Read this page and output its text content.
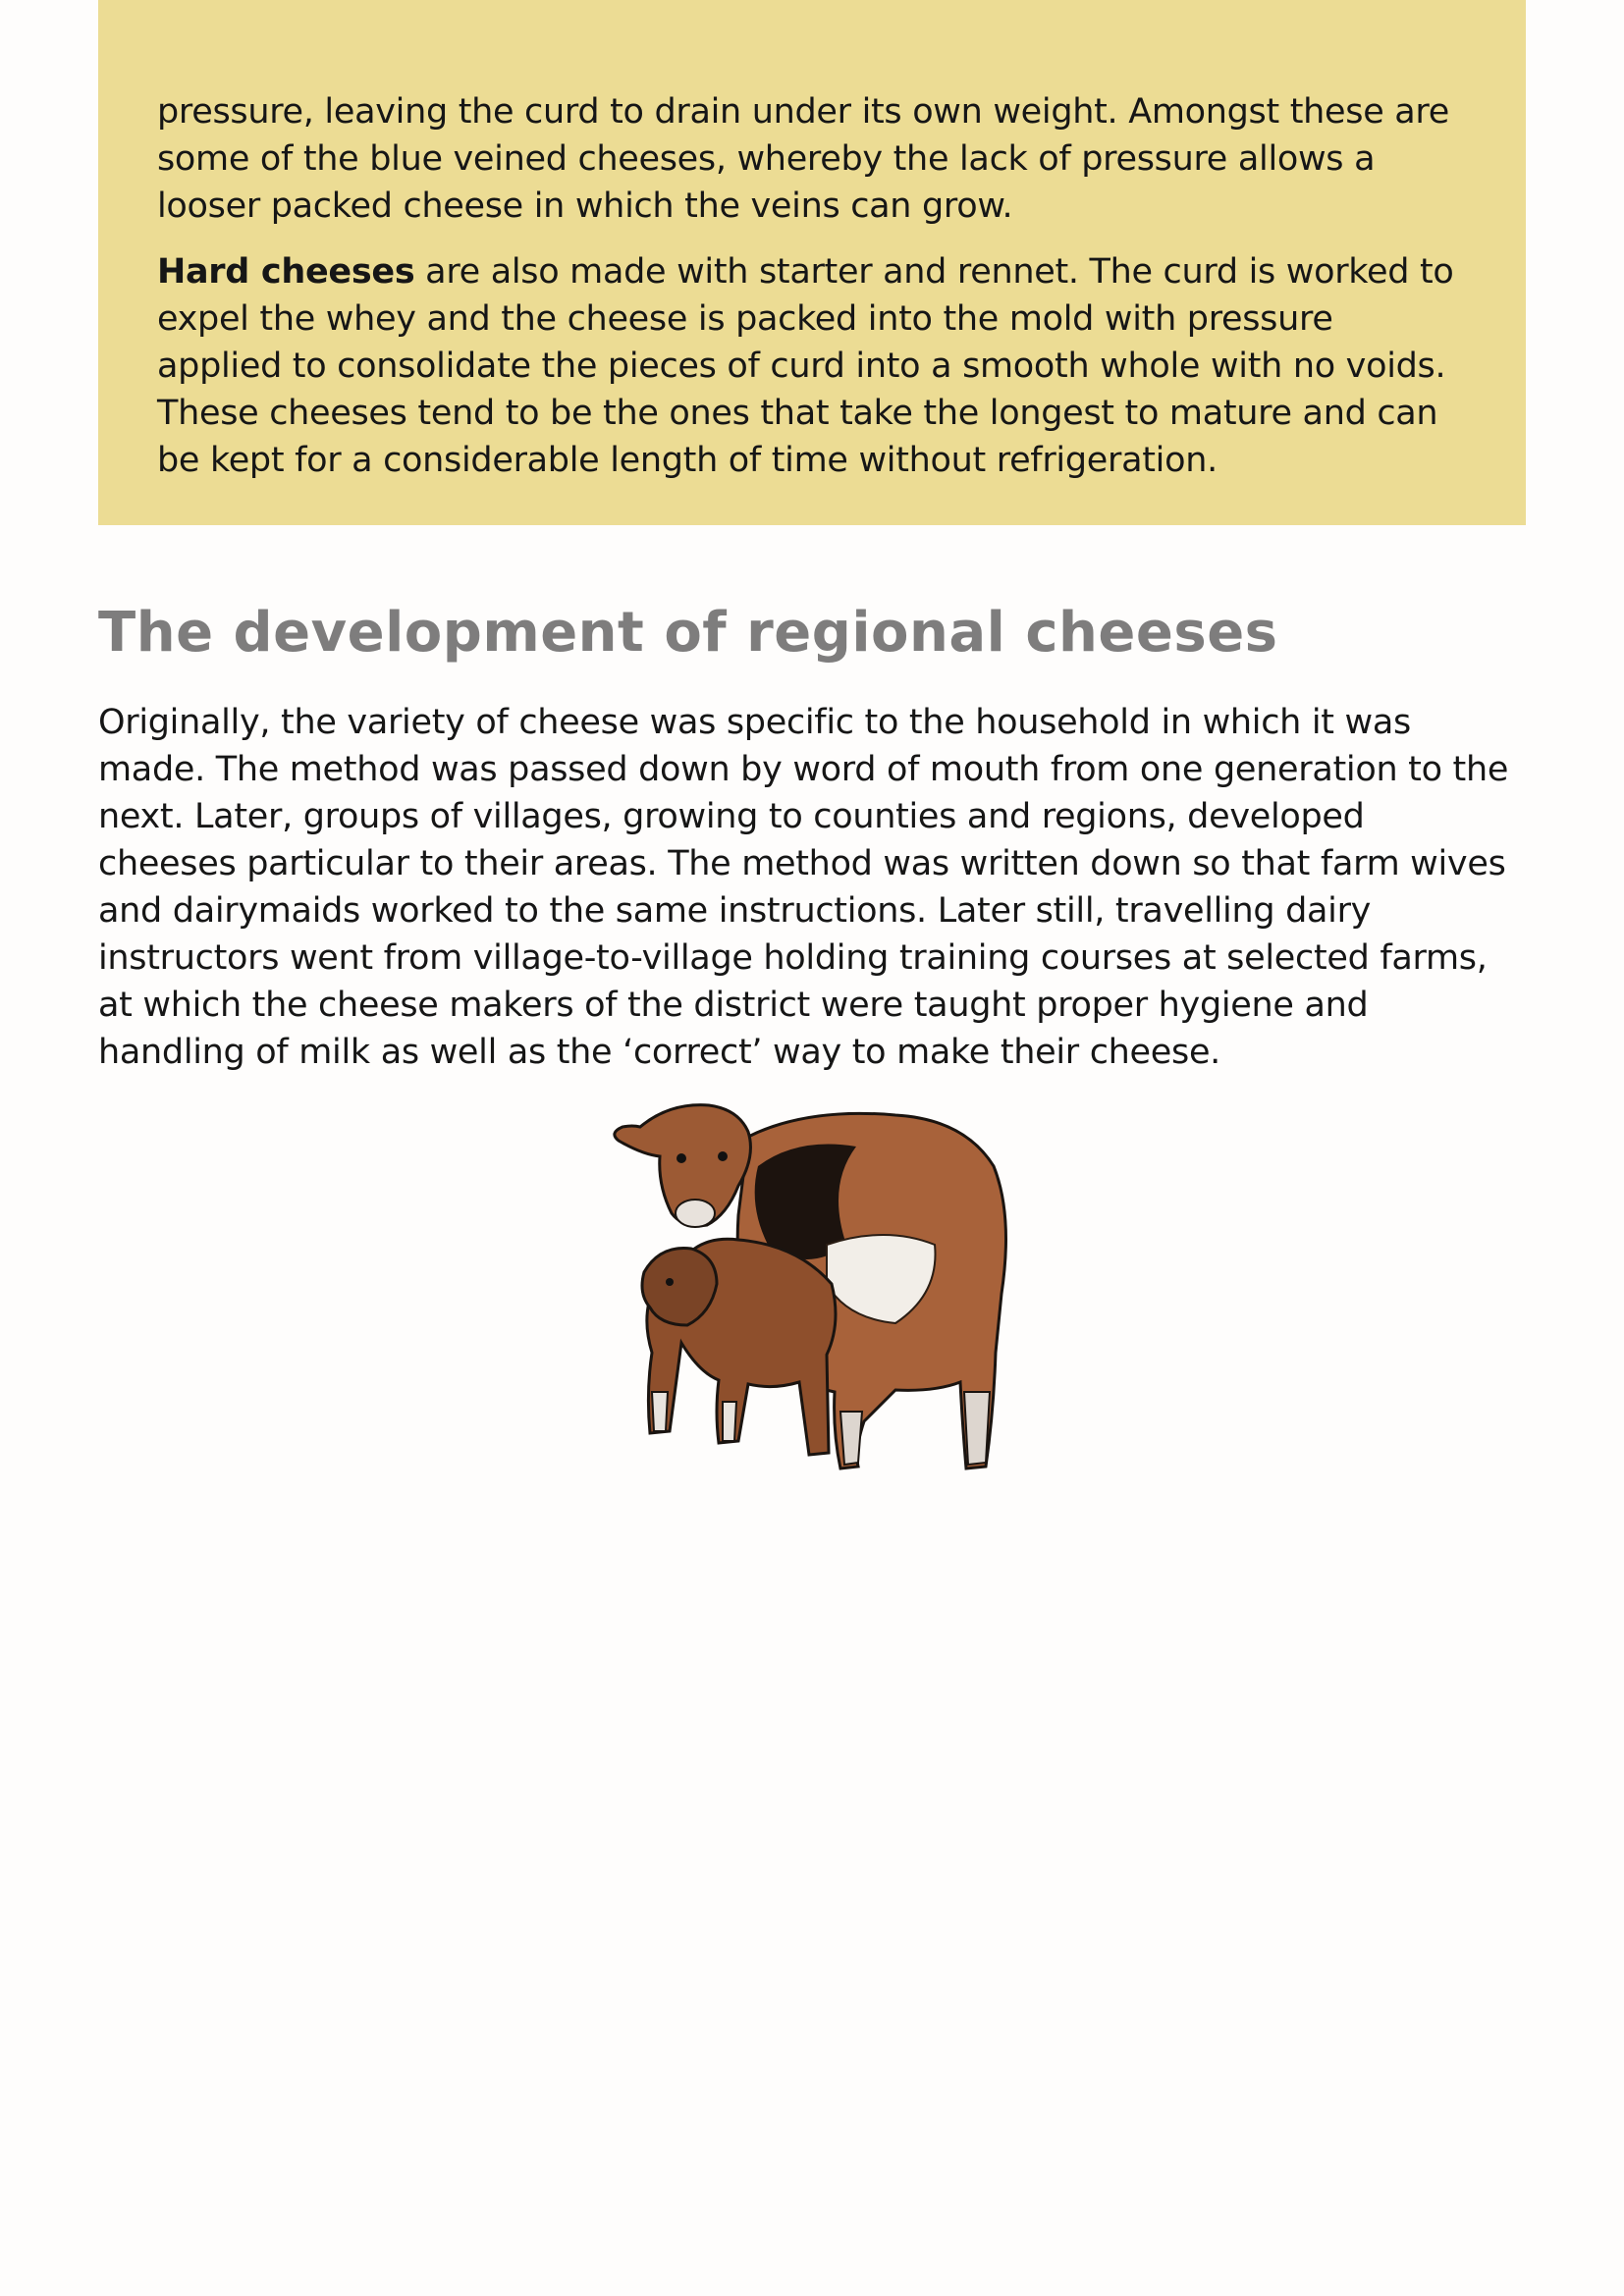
pressure, leaving the curd to drain under its own weight. Amongst these are some of the blue veined cheeses, whereby the lack of pressure allows a looser packed cheese in which the veins can grow.

Hard cheeses are also made with starter and rennet. The curd is worked to expel the whey and the cheese is packed into the mold with pressure applied to consolidate the pieces of curd into a smooth whole with no voids. These cheeses tend to be the ones that take the longest to mature and can be kept for a considerable length of time without refrigeration.

The development of regional cheeses

Originally, the variety of cheese was specific to the household in which it was made. The method was passed down by word of mouth from one generation to the next. Later, groups of villages, growing to counties and regions, developed cheeses particular to their areas. The method was written down so that farm wives and dairymaids worked to the same instructions. Later still, travelling dairy instructors went from village-to-village holding training courses at selected farms, at which the cheese makers of the district were taught proper hygiene and handling of milk as well as the ‘correct’ way to make their cheese.
